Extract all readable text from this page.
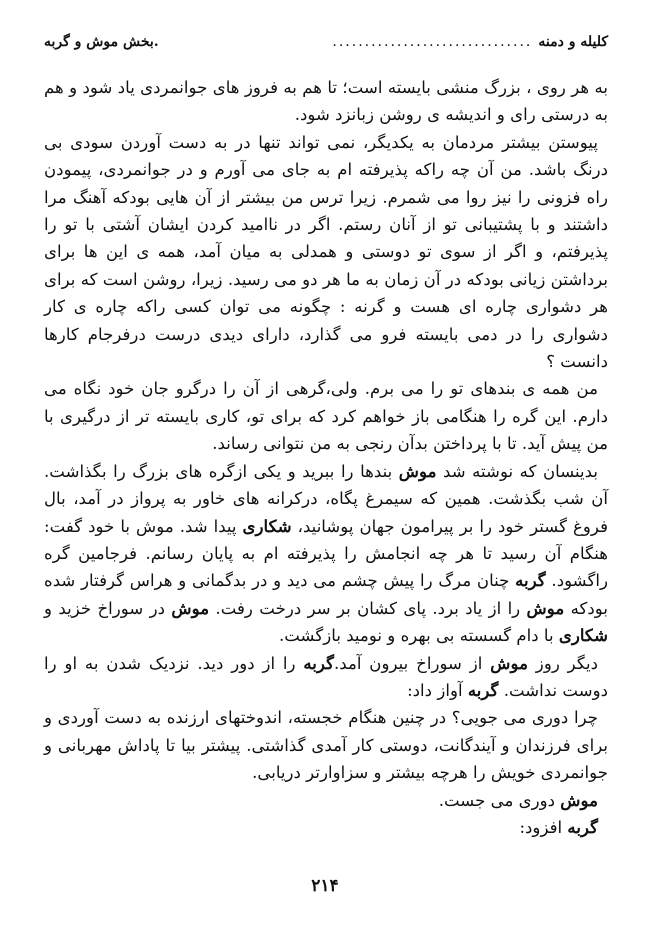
کلیله و دمنه
...............................
.بخش موش و گربه

به هر روی ، بزرگ منشی بایسته است؛ تا هم به فروز های جوانمردی یاد شود و هم به درستی رای و اندیشه ی روشن زبانزد شود.

پیوستن بیشتر مردمان به یکدیگر، نمی تواند تنها در به دست آوردن سودی بی درنگ باشد. من آن چه راکه پذیرفته ام به جای می آورم و در جوانمردی، پیمودن راه فزونی را نیز روا می شمرم. زیرا ترس من بیشتر از آن هایی بودکه آهنگ مرا داشتند و با پشتیبانی تو از آنان رستم. اگر در ناامید کردن ایشان آشتی با تو را پذیرفتم، و اگر از سوی تو دوستی و همدلی به میان آمد، همه ی این ها برای برداشتن زیانی بودکه در آن زمان به ما هر دو می رسید. زیرا، روشن است که برای هر دشواری چاره ای هست و گرنه : چگونه می توان کسی راکه چاره ی کار دشواری را در دمی بایسته فرو می گذارد، دارای دیدی درست درفرجام کارها دانست ؟

من همه ی بندهای تو را می برم. ولی،گرهی از آن را درگرو جان خود نگاه می دارم. این گره را هنگامی باز خواهم کرد که برای تو، کاری بایسته تر از درگیری با من پیش آید. تا با پرداختن بدآن رنجی به من نتوانی رساند.

بدینسان که نوشته شد موش بندها را ببرید و یکی ازگره های بزرگ را بگذاشت. آن شب بگذشت. همین که سیمرغ پگاه، درکرانه های خاور به پرواز در آمد، بال فروغ گستر خود را بر پیرامون جهان پوشانید، شکاری پیدا شد. موش با خود گفت: هنگام آن رسید تا هر چه انجامش را پذیرفته ام به پایان رسانم. فرجامین گره راگشود. گربه چنان مرگ را پیش چشم می دید و در بدگمانی و هراس گرفتار شده بودکه موش را از یاد برد. پای کشان بر سر درخت رفت. موش در سوراخ خزید و شکاری با دام گسسته بی بهره و نومید بازگشت.

دیگر روز موش از سوراخ بیرون آمد.گربه را از دور دید. نزدیک شدن به او را دوست نداشت. گربه آواز داد:

چرا دوری می جویی؟ در چنین هنگام خجسته، اندوختهای ارزنده به دست آوردی و برای فرزندان و آیندگانت، دوستی کار آمدی گذاشتی. پیشتر بیا تا پاداش مهربانی و جوانمردی خویش را هرچه بیشتر و سزاوارتر دریابی.

موش دوری می جست.

گربه افزود:

۲۱۴
